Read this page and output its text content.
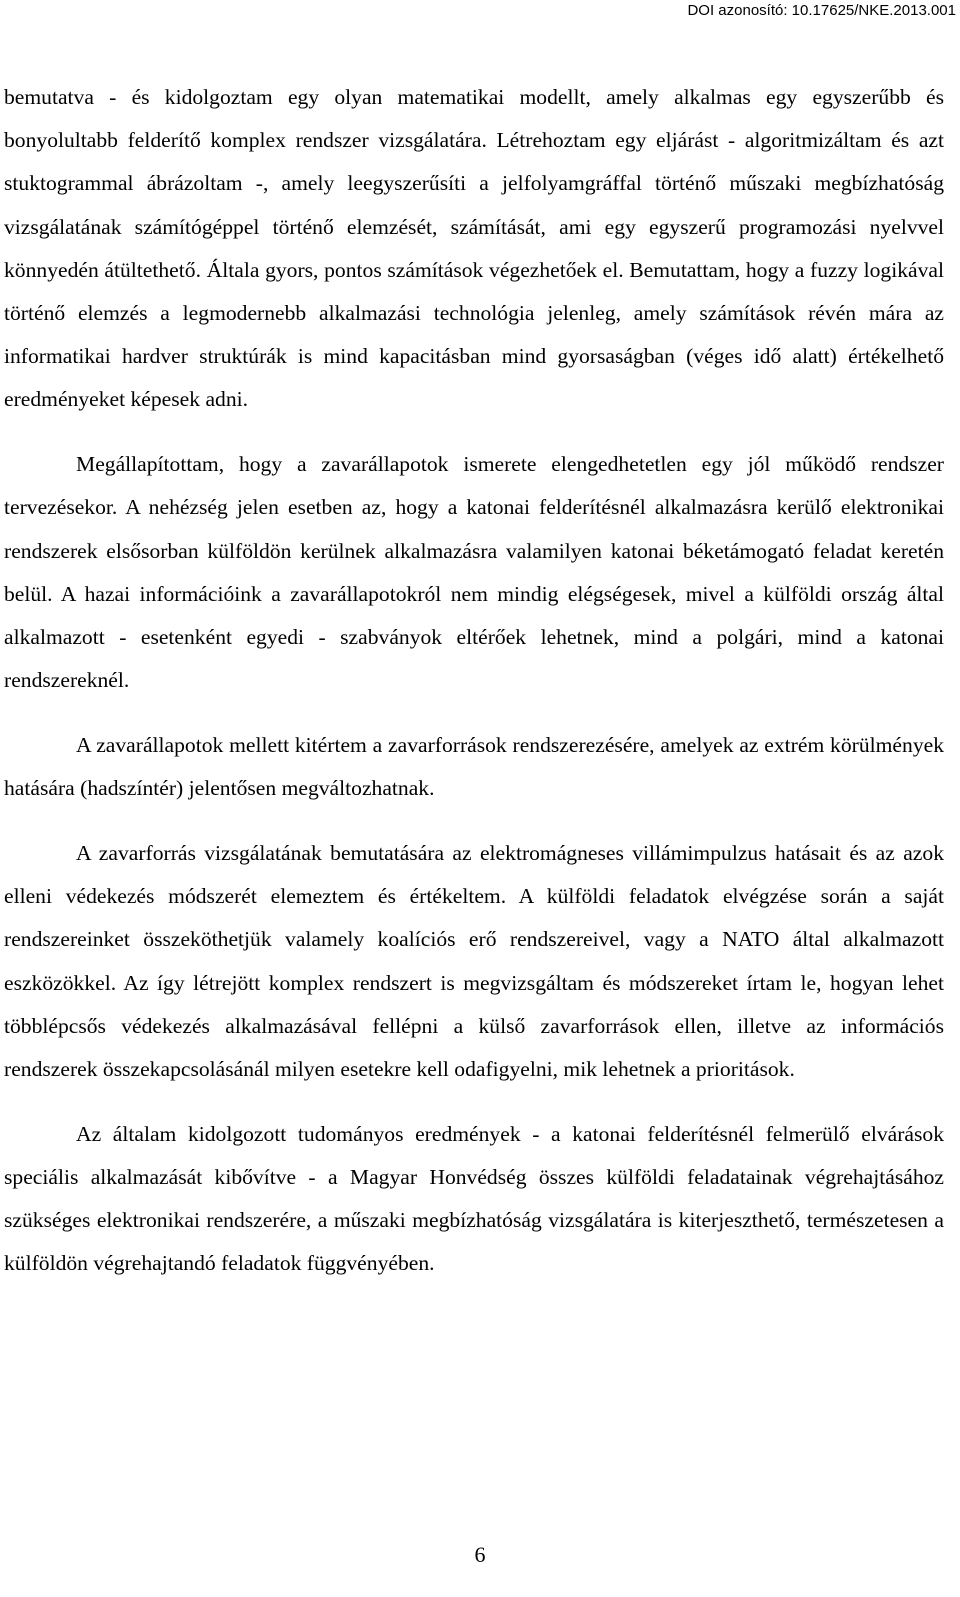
DOI azonosító: 10.17625/NKE.2013.001

bemutatva - és kidolgoztam egy olyan matematikai modellt, amely alkalmas egy egyszerűbb és bonyolultabb felderítő komplex rendszer vizsgálatára. Létrehoztam egy eljárást - algoritmizáltam és azt stuktogrammal ábrázoltam -, amely leegyszerűsíti a jelfolyamgráffal történő műszaki megbízhatóság vizsgálatának számítógéppel történő elemzését, számítását, ami egy egyszerű programozási nyelvvel könnyedén átültethető. Általa gyors, pontos számítások végezhetőek el. Bemutattam, hogy a fuzzy logikával történő elemzés a legmodernebb alkalmazási technológia jelenleg, amely számítások révén mára az informatikai hardver struktúrák is mind kapacitásban mind gyorsaságban (véges idő alatt) értékelhető eredményeket képesek adni.

Megállapítottam, hogy a zavarállapotok ismerete elengedhetetlen egy jól működő rendszer tervezésekor. A nehézség jelen esetben az, hogy a katonai felderítésnél alkalmazásra kerülő elektronikai rendszerek elsősorban külföldön kerülnek alkalmazásra valamilyen katonai béketámogató feladat keretén belül. A hazai információink a zavarállapotokról nem mindig elégségesek, mivel a külföldi ország által alkalmazott - esetenként egyedi - szabványok eltérőek lehetnek, mind a polgári, mind a katonai rendszereknél.

A zavarállapotok mellett kitértem a zavarforrások rendszerezésére, amelyek az extrém körülmények hatására (hadszíntér) jelentősen megváltozhatnak.

A zavarforrás vizsgálatának bemutatására az elektromágneses villámimpulzus hatásait és az azok elleni védekezés módszerét elemeztem és értékeltem. A külföldi feladatok elvégzése során a saját rendszereinket összeköthetjük valamely koalíciós erő rendszereivel, vagy a NATO által alkalmazott eszközökkel. Az így létrejött komplex rendszert is megvizsgáltam és módszereket írtam le, hogyan lehet többlépcsős védekezés alkalmazásával fellépni a külső zavarforrások ellen, illetve az információs rendszerek összekapcsolásánál milyen esetekre kell odafigyelni, mik lehetnek a prioritások.

Az általam kidolgozott tudományos eredmények - a katonai felderítésnél felmerülő elvárások speciális alkalmazását kibővítve - a Magyar Honvédség összes külföldi feladatainak végrehajtásához szükséges elektronikai rendszerére, a műszaki megbízhatóság vizsgálatára is kiterjeszthető, természetesen a külföldön végrehajtandó feladatok függvényében.

6
